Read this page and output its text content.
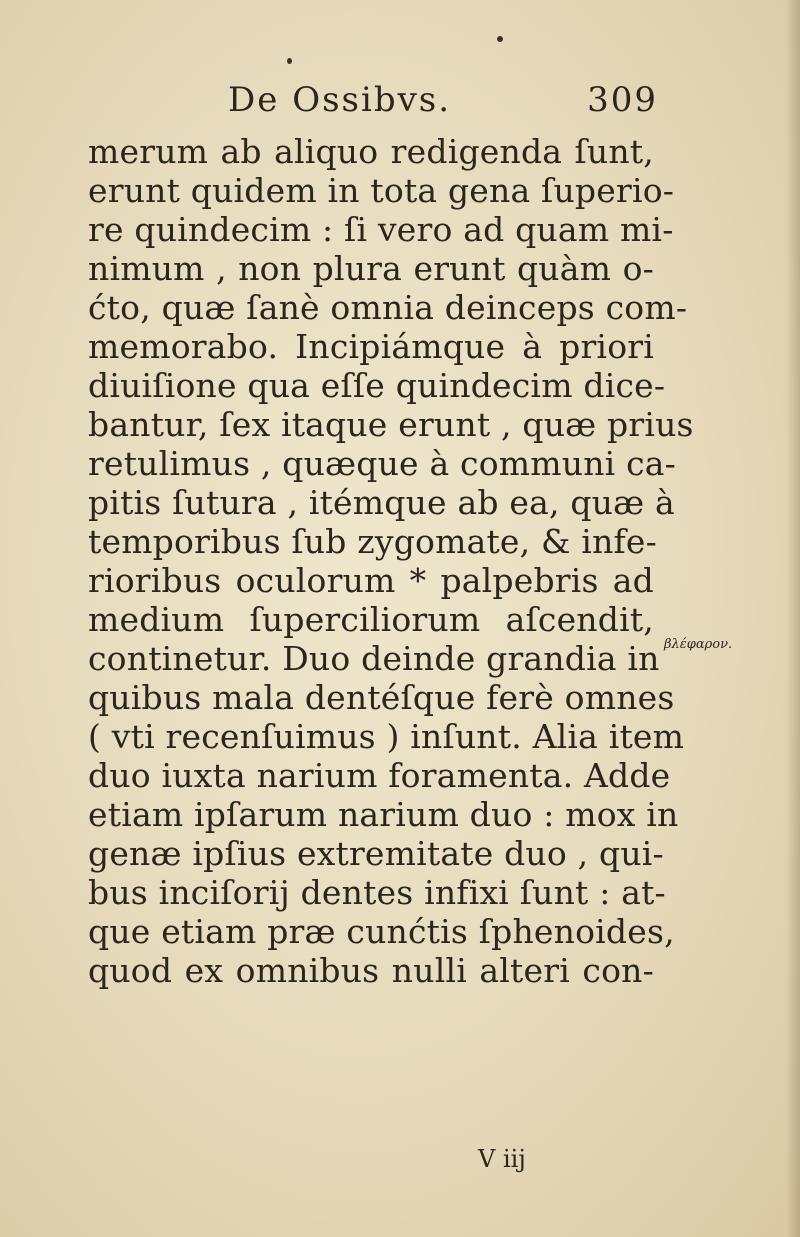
De Ossibvs.	309
merum ab aliquo redigenda ſunt,
erunt quidem in tota gena ſuperio-
re quindecim : ſi vero ad quam mi-
nimum , non plura erunt quàm o-
ćto, quæ ſanè omnia deinceps com-
memorabo. Incipiámque à priori
diuiſione qua eſſe quindecim dice-
bantur, ſex itaque erunt , quæ prius
retulimus , quæque à communi ca-
pitis ſutura , itémque ab ea, quæ à
temporibus ſub zygomate, & infe-
rioribus oculorum * palpebris ad
medium ſuperciliorum aſcendit,
continetur. Duo deinde grandia in
quibus mala dentéſque ferè omnes
( vti recenſuimus ) inſunt. Alia item
duo iuxta narium foramenta. Adde
etiam ipſarum narium duo : mox in
genæ ipſius extremitate duo , qui-
bus inciſorij dentes infixi ſunt : at-
que etiam præ cunćtis ſphenoides,
quod ex omnibus nulli alteri con-
βλέφαρον.
V iij
